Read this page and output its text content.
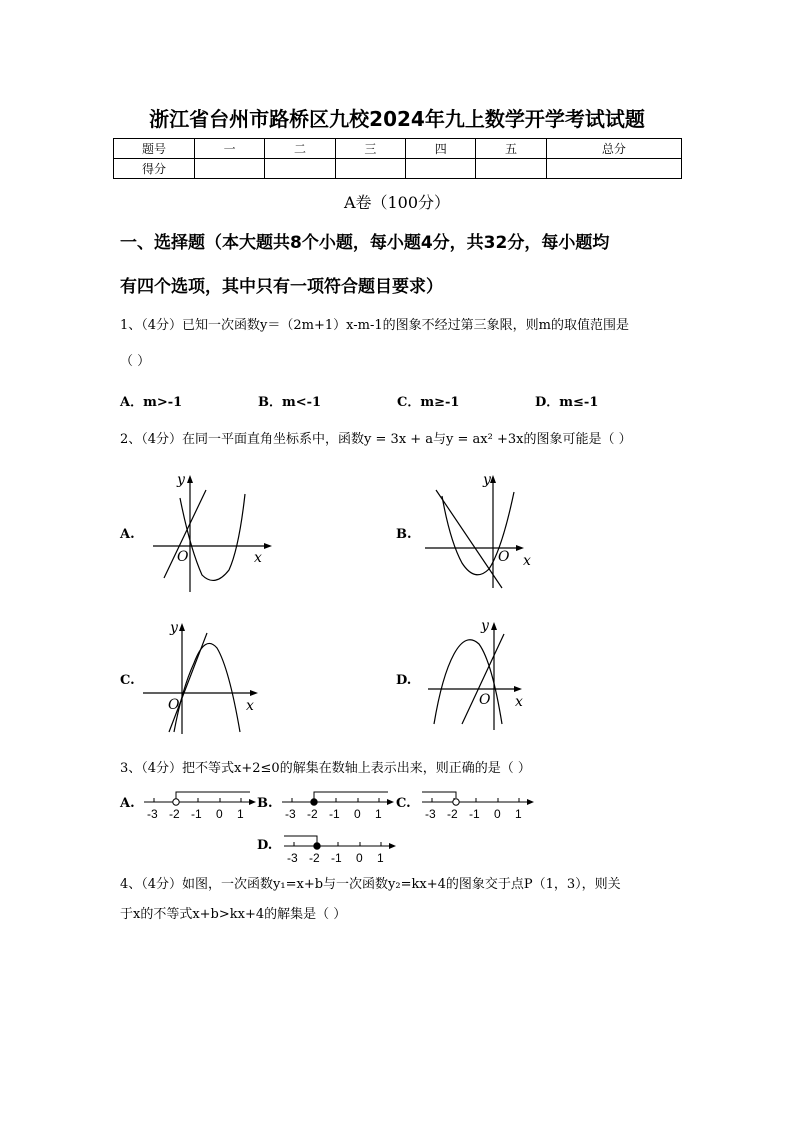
浙江省台州市路桥区九校2024年九上数学开学考试试题
题号	一	二	三	四	五	总分
得分						
A卷（100分）
一、选择题（本大题共8个小题，每小题4分，共32分，每小题均
有四个选项，其中只有一项符合题目要求）
1、（4分）已知一次函数y＝（2m+1）x-m-1的图象不经过第三象限，则m的取值范围是
（ ）
A．m>-1	B．m<-1	C．m≥-1	D．m≤-1
2、（4分）在同一平面直角坐标系中，函数y = 3x + a与y = ax² +3x的图象可能是（ ）
A.	B.
C.	D.
x
y
O	x
y
O
x
y
O	x
y
O
3、（4分）把不等式x+2≤0的解集在数轴上表示出来，则正确的是（ ）
A.
-3 -2 -1 0 1
B.
-3 -2 -1 0 1
C.
-3 -2 -1 0 1
D.
-3 -2 -1 0 1
4、（4分）如图，一次函数y₁=x+b与一次函数y₂=kx+4的图象交于点P（1，3），则关
于x的不等式x+b>kx+4的解集是（ ）
